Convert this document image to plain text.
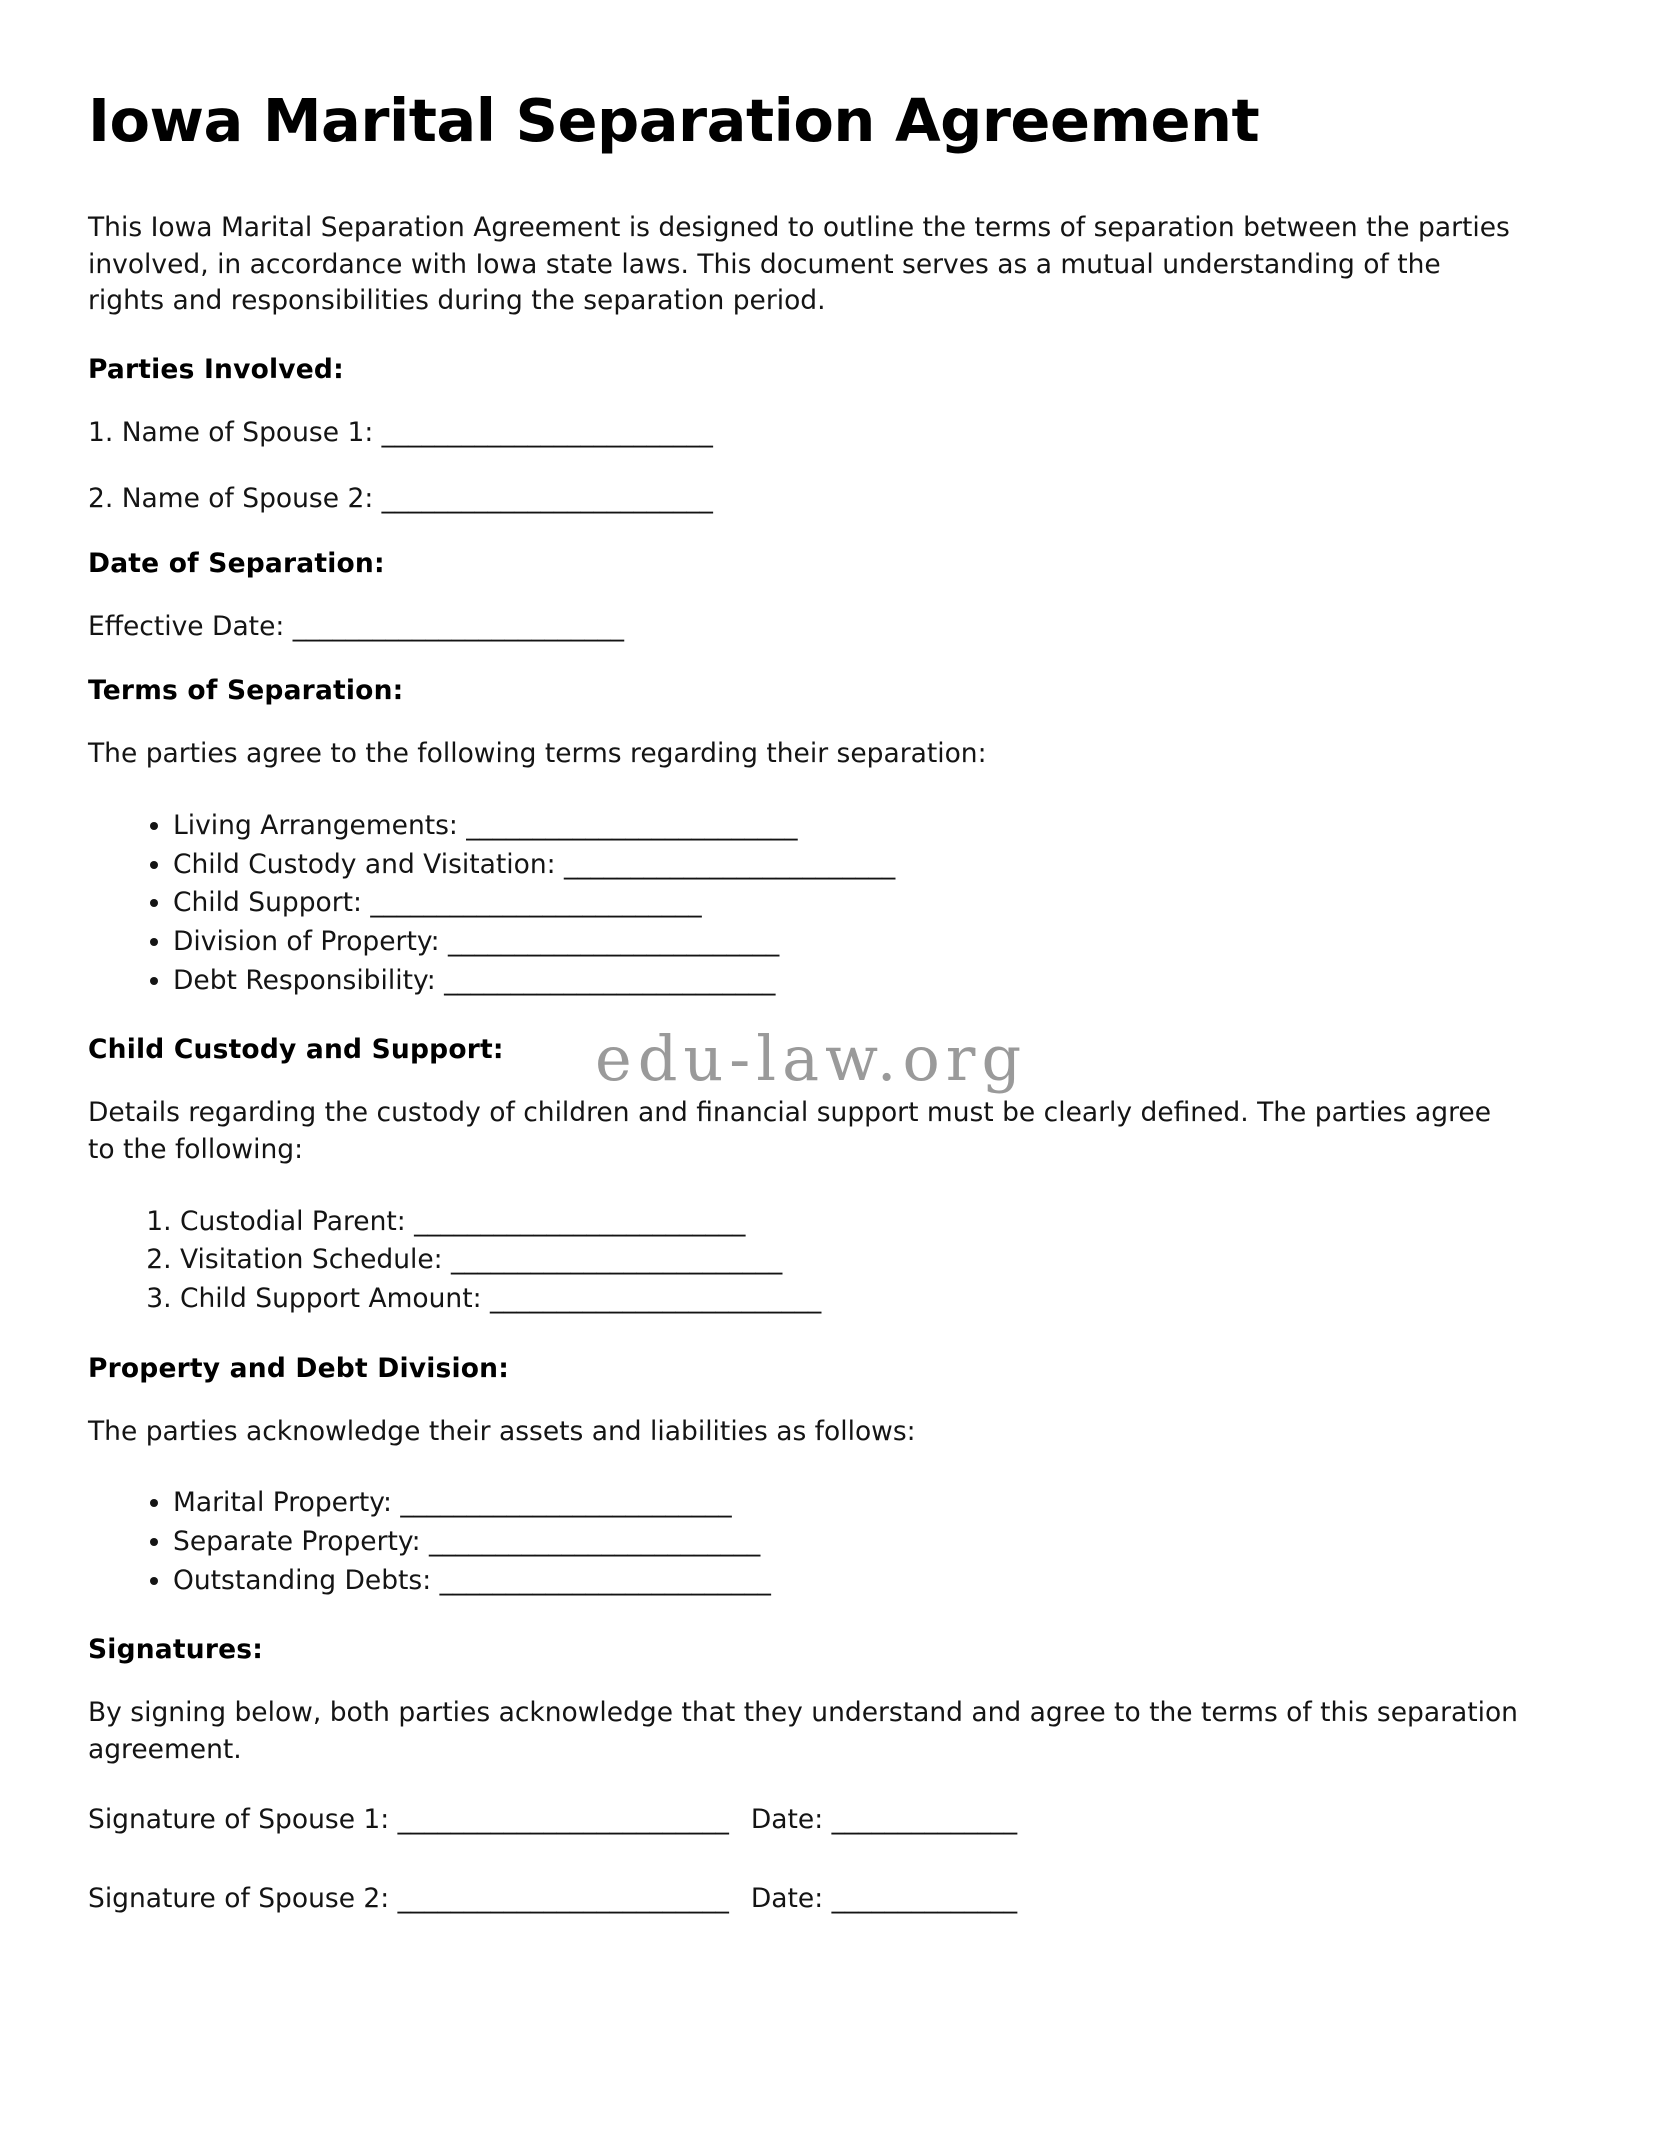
Iowa Marital Separation Agreement

This Iowa Marital Separation Agreement is designed to outline the terms of separation between the parties involved, in accordance with Iowa state laws. This document serves as a mutual understanding of the rights and responsibilities during the separation period.

Parties Involved:

1. Name of Spouse 1: _________________________

2. Name of Spouse 2: _________________________

Date of Separation:

Effective Date: _________________________

Terms of Separation:

The parties agree to the following terms regarding their separation:

• Living Arrangements: _________________________
• Child Custody and Visitation: _________________________
• Child Support: _________________________
• Division of Property: _________________________
• Debt Responsibility: _________________________
Child Custody and Support:

Details regarding the custody of children and financial support must be clearly defined. The parties agree to the following:

1. Custodial Parent: _________________________
2. Visitation Schedule: _________________________
3. Child Support Amount: _________________________
Property and Debt Division:

The parties acknowledge their assets and liabilities as follows:

• Marital Property: _________________________
• Separate Property: _________________________
• Outstanding Debts: _________________________
Signatures:

By signing below, both parties acknowledge that they understand and agree to the terms of this separation agreement.

Signature of Spouse 1: _________________________ Date: ______________

Signature of Spouse 2: _________________________ Date: ______________

edu-law.org
